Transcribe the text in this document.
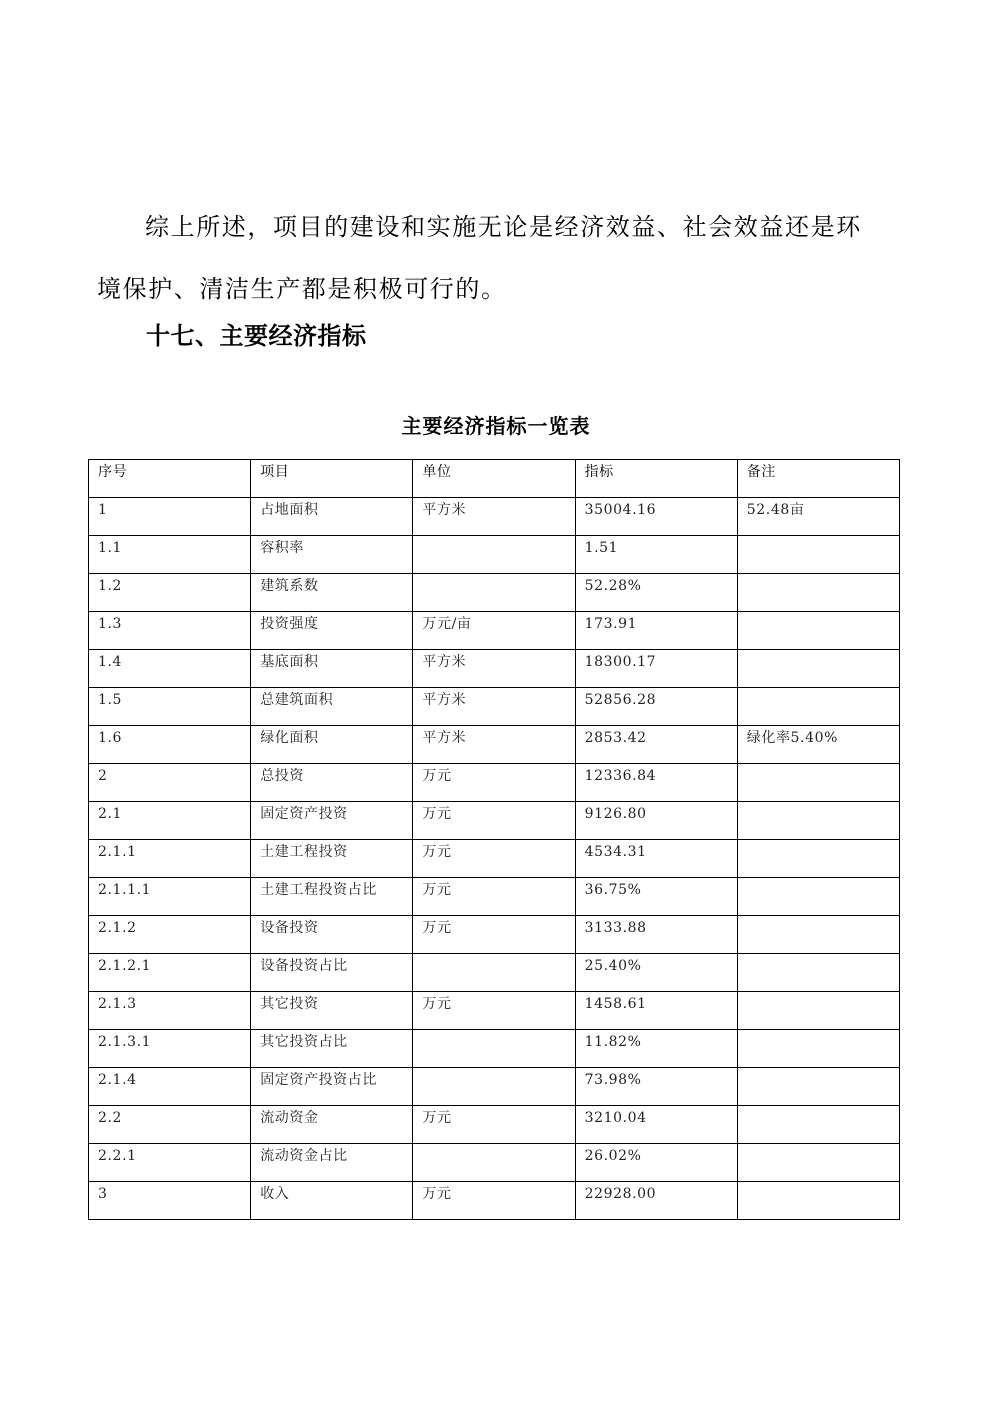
综上所述，项目的建设和实施无论是经济效益、社会效益还是环境保护、清洁生产都是积极可行的。

十七、主要经济指标
主要经济指标一览表
序号	项目	单位	指标	备注
1	占地面积	平方米	35004.16	52.48亩
1.1	容积率		1.51	
1.2	建筑系数		52.28%	
1.3	投资强度	万元/亩	173.91	
1.4	基底面积	平方米	18300.17	
1.5	总建筑面积	平方米	52856.28	
1.6	绿化面积	平方米	2853.42	绿化率5.40%
2	总投资	万元	12336.84	
2.1	固定资产投资	万元	9126.80	
2.1.1	土建工程投资	万元	4534.31	
2.1.1.1	土建工程投资占比	万元	36.75%	
2.1.2	设备投资	万元	3133.88	
2.1.2.1	设备投资占比		25.40%	
2.1.3	其它投资	万元	1458.61	
2.1.3.1	其它投资占比		11.82%	
2.1.4	固定资产投资占比		73.98%	
2.2	流动资金	万元	3210.04	
2.2.1	流动资金占比		26.02%	
3	收入	万元	22928.00	
